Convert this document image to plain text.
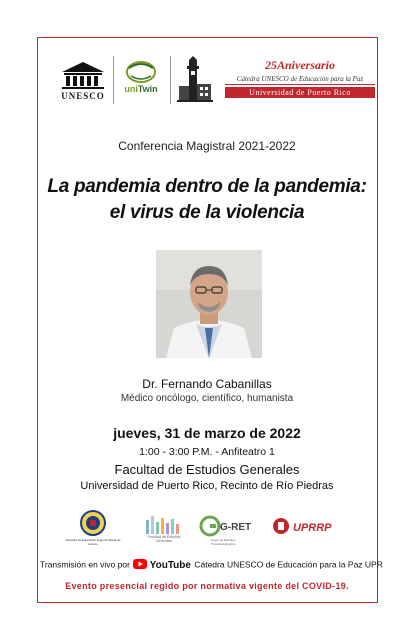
UNESCO
uniTwin
25Aniversario
Cátedra UNESCO de Educación para la Paz
Universidad de Puerto Rico
Conferencia Magistral 2021-2022
La pandemia dentro de la pandemia:
el virus de la violencia
Dr. Fernando Cabanillas
Médico oncólogo, científico, humanista
jueves, 31 de marzo de 2022
1:00 - 3:00 P.M. - Anfiteatro 1
Facultad de Estudios Generales
Universidad de Puerto Rico, Recinto de Río Piedras
Facultad de Educación Eugenio María de Hostos
Facultad de Estudios Generales
G-RET
Grupo de Estudios Transdisciplinarios
UPRRP
Transmisión en vivo por YouTube Cátedra UNESCO de Educación para la Paz UPR
Evento presencial regido por normativa vigente del COVID-19.
